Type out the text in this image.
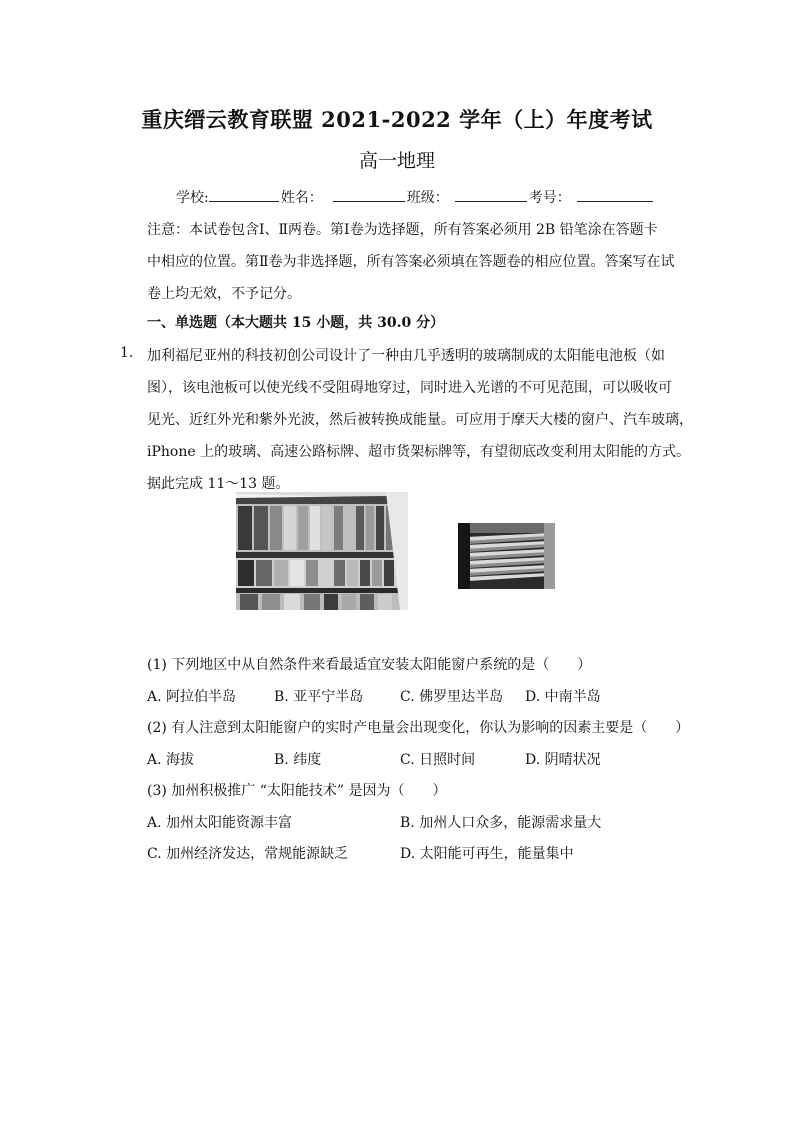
重庆缙云教育联盟 2021-2022 学年（上）年度考试
高一地理
学校:	姓名：	班级：	考号：
注意：本试卷包含Ⅰ、Ⅱ两卷。第Ⅰ卷为选择题，所有答案必须用 2B 铅笔涂在答题卡
中相应的位置。第Ⅱ卷为非选择题，所有答案必须填在答题卷的相应位置。答案写在试
卷上均无效，不予记分。
一、单选题（本大题共 15 小题，共 30.0 分）
1. 加利福尼亚州的科技初创公司设计了一种由几乎透明的玻璃制成的太阳能电池板（如
图），该电池板可以使光线不受阻碍地穿过，同时进入光谱的不可见范围，可以吸收可
见光、近红外光和紫外光波，然后被转换成能量。可应用于摩天大楼的窗户、汽车玻璃，
iPhone 上的玻璃、高速公路标牌、超市货架标牌等，有望彻底改变利用太阳能的方式。
据此完成 11～13 题。
(1) 下列地区中从自然条件来看最适宜安装太阳能窗户系统的是（　　）
A. 阿拉伯半岛	B. 亚平宁半岛	C. 佛罗里达半岛 D. 中南半岛
(2) 有人注意到太阳能窗户的实时产电量会出现变化，你认为影响的因素主要是（　　）
A. 海拔	B. 纬度	C. 日照时间	D. 阴晴状况
(3) 加州积极推广 “太阳能技术” 是因为（　　）
A. 加州太阳能资源丰富	B. 加州人口众多，能源需求量大
C. 加州经济发达，常规能源缺乏	D. 太阳能可再生，能量集中
